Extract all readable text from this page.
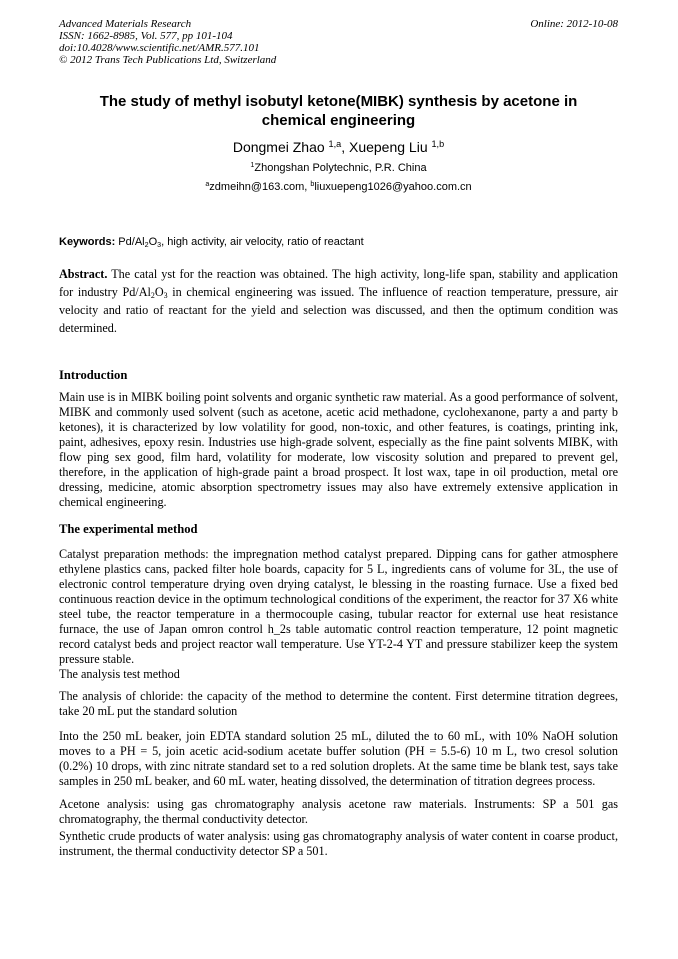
Advanced Materials Research
ISSN: 1662-8985, Vol. 577, pp 101-104
doi:10.4028/www.scientific.net/AMR.577.101
© 2012 Trans Tech Publications Ltd, Switzerland
Online: 2012-10-08
The study of methyl isobutyl ketone(MIBK) synthesis by acetone in chemical engineering
Dongmei Zhao $^{1,a}$, Xuepeng Liu $^{1,b}$
$^1$Zhongshan Polytechnic, P.R. China
$^a$zdmeihn@163.com, $^b$liuxuepeng1026@yahoo.com.cn
Keywords: $Pd/Al_2O_3$, high activity, air velocity, ratio of reactant

Abstract. The catal yst for the reaction was obtained. The high activity, long-life span, stability and application for industry $Pd/Al_2O_3$ in chemical engineering was issued. The influence of reaction temperature, pressure, air velocity and ratio of reactant for the yield and selection was discussed, and then the optimum condition was determined.

Introduction

Main use is in MIBK boiling point solvents and organic synthetic raw material. As a good performance of solvent, MIBK and commonly used solvent (such as acetone, acetic acid methadone, cyclohexanone, party a and party b ketones), it is characterized by low volatility for good, non-toxic, and other features, is coatings, printing ink, paint, adhesives, epoxy resin. Industries use high-grade solvent, especially as the fine paint solvents MIBK, with flow ping sex good, film hard, volatility for moderate, low viscosity solution and prepared to prevent gel, therefore, in the application of high-grade paint a broad prospect. It lost wax, tape in oil production, metal ore dressing, medicine, atomic absorption spectrometry issues may also have extremely extensive application in chemical engineering.

The experimental method

Catalyst preparation methods: the impregnation method catalyst prepared. Dipping cans for gather atmosphere ethylene plastics cans, packed filter hole boards, capacity for 5 L, ingredients cans of volume for 3L, the use of electronic control temperature drying oven drying catalyst, le blessing in the roasting furnace. Use a fixed bed continuous reaction device in the optimum technological conditions of the experiment, the reactor for 37 X6 white steel tube, the reactor temperature in a thermocouple casing, tubular reactor for external use heat resistance furnace, the use of Japan omron control h_2s table automatic control reaction temperature, 12 point magnetic record catalyst beds and project reactor wall temperature. Use YT-2-4 YT and pressure stabilizer keep the system pressure stable.

The analysis test method

The analysis of chloride: the capacity of the method to determine the content. First determine titration degrees, take 20 mL put the standard solution

Into the 250 mL beaker, join EDTA standard solution 25 mL, diluted the to 60 mL, with 10% NaOH solution moves to a PH = 5, join acetic acid-sodium acetate buffer solution (PH = 5.5-6) 10 m L, two cresol solution (0.2%) 10 drops, with zinc nitrate standard set to a red solution droplets. At the same time be blank test, says take samples in 250 mL beaker, and 60 mL water, heating dissolved, the determination of titration degrees process.

Acetone analysis: using gas chromatography analysis acetone raw materials. Instruments: SP a 501 gas chromatography, the thermal conductivity detector.

Synthetic crude products of water analysis: using gas chromatography analysis of water content in coarse product, instrument, the thermal conductivity detector SP a 501.
